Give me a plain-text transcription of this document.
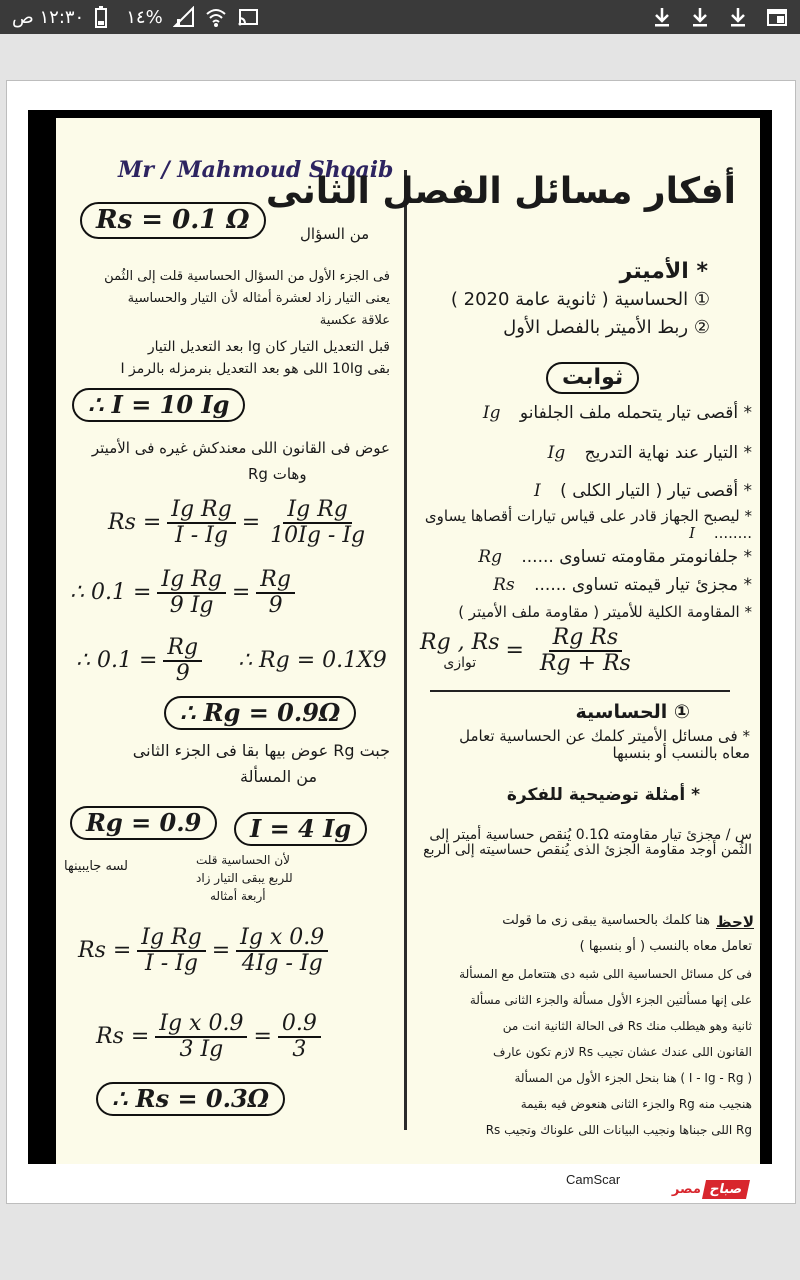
١٢:٣٠ ص ١٤%
Mr / Mahmoud Shoaib
أفكار مسائل الفصل الثانى
* الأميتر
① الحساسية ( ثانوية عامة 2020 )
② ربط الأميتر بالفصل الأول
ثوابت
* أقصى تيار يتحمله ملف الجلفانو Ig
* التيار عند نهاية التدريج Ig
* أقصى تيار ( التيار الكلى ) I
* ليصبح الجهاز قادر على قياس تيارات أقصاها يساوى ........ I
* جلفانومتر مقاومته تساوى ...... Rg
* مجزئ تيار قيمته تساوى ...... Rs
* المقاومة الكلية للأميتر ( مقاومة ملف الأميتر )
Rg , Rs
توازى = $\frac{\text{Rg Rs}}{Rg + Rs}$
① الحساسية
* فى مسائل الأميتر كلمك عن الحساسية تعامل معاه بالنسب أو بنسبها
* أمثلة توضيحية للفكرة
س / مجزئ تيار مقاومته 0.1Ω يُنقص حساسية أميتر إلى الثُمن أوجد مقاومة الجزئ الذى يُنقص حساسيته إلى الربع
لاحظ
هنا كلمك بالحساسية يبقى زى ما قولت
تعامل معاه بالنسب ( أو بنسبها )
فى كل مسائل الحساسية اللى شبه دى هتتعامل مع المسألة
على إنها مسألتين الجزء الأول مسألة والجزء الثانى مسألة
ثانية وهو هيطلب منك Rs فى الحالة الثانية انت من
القانون اللى عندك عشان تجيب Rs لازم تكون عارف
( I - Ig - Rg ) هنا بنحل الجزء الأول من المسألة
هنجيب منه Rg والجزء الثانى هنعوض فيه بقيمة
Rg اللى جبناها ونجيب البيانات اللى علوناك وتجيب Rs
Rs = 0.1 Ω	من السؤال
فى الجزء الأول من السؤال الحساسية قلت إلى الثُمن
يعنى التيار زاد لعشرة أمثاله لأن التيار والحساسية
علاقة عكسية
قبل التعديل التيار كان Ig بعد التعديل التيار
بقى 10Ig اللى هو بعد التعديل بنرمزله بالرمز I
∴ I = 10 Ig
عوض فى القانون اللى معندكش غيره فى الأميتر
وهات Rg
$Rs = \frac{\text{Ig Rg}}{I - Ig} = \frac{\text{Ig Rg}}{10Ig - Ig}$
∴ $0.1 = \frac{\text{Ig Rg}}{9 Ig} = \frac{Rg}{9}$
∴ $0.1 = \frac{Rg}{9}$ ∴ Rg = 0.1X9
∴ Rg = 0.9Ω
جبت Rg عوض بيها بقا فى الجزء الثانى
من المسألة
Rg = 0.9	I = 4 Ig
لسه جايبينها	لأن الحساسية قلت
للربع يبقى التيار زاد
أربعة أمثاله
$Rs = \frac{\text{Ig Rg}}{I - Ig} = \frac{\text{Ig x 0.9}}{4Ig - Ig}$
$Rs = \frac{\text{Ig x 0.9}}{3 Ig} = \frac{0.9}{3}$
∴ Rs = 0.3Ω
CamScar
صباح
مصر
